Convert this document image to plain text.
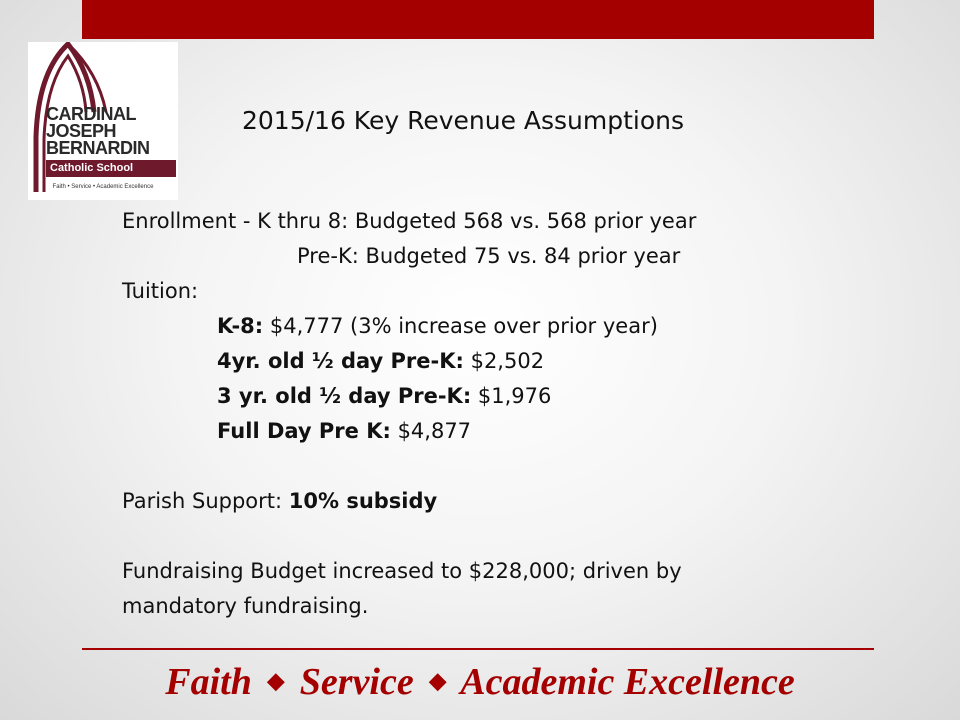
CARDINAL
JOSEPH
BERNARDIN
Catholic School
Faith • Service • Academic Excellence
2015/16 Key Revenue Assumptions
Enrollment - K thru 8: Budgeted 568 vs. 568 prior year
Pre-K: Budgeted 75 vs. 84 prior year
Tuition:
K-8: $4,777 (3% increase over prior year)
4yr. old ½ day Pre-K: $2,502
3 yr. old ½ day Pre-K: $1,976
Full Day Pre K: $4,877
Parish Support: 10% subsidy
Fundraising Budget increased to $228,000; driven by
mandatory fundraising.
Faith ◆ Service ◆ Academic Excellence
